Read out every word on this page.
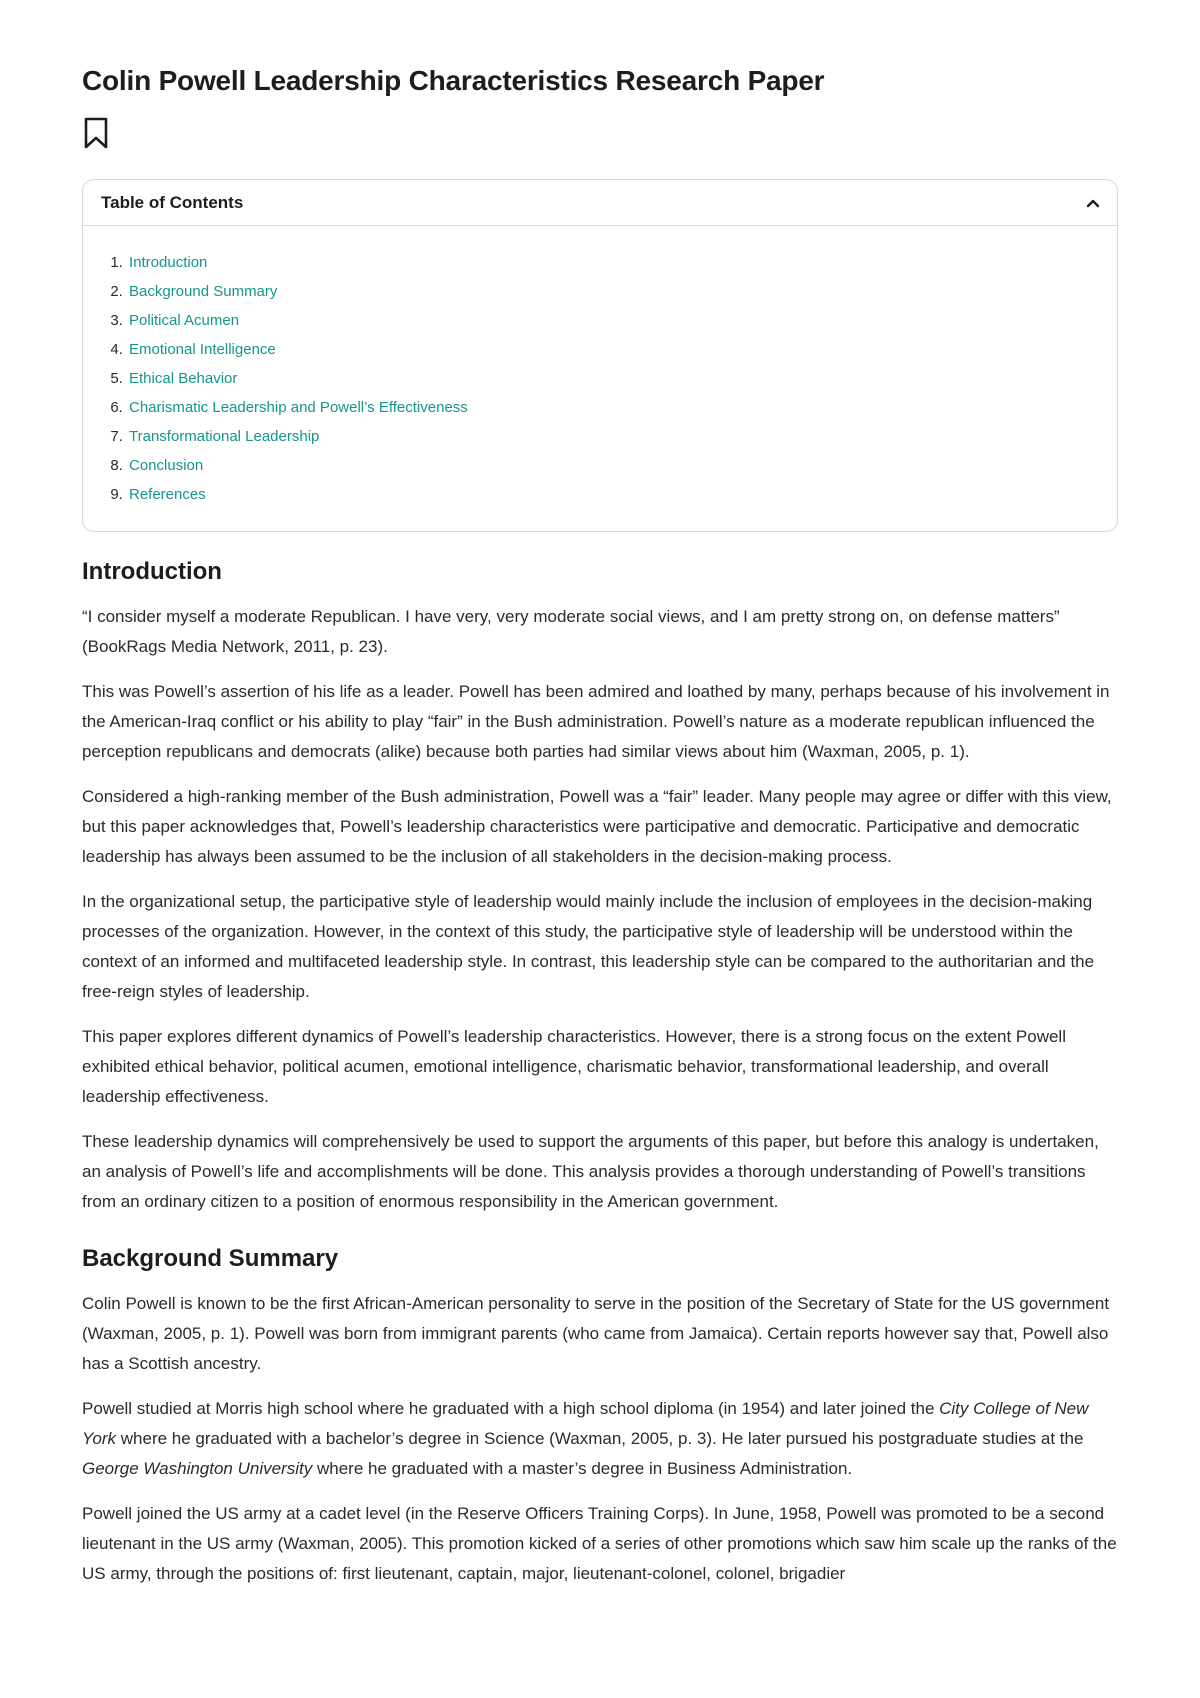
Colin Powell Leadership Characteristics Research Paper
Table of Contents
1. Introduction
2. Background Summary
3. Political Acumen
4. Emotional Intelligence
5. Ethical Behavior
6. Charismatic Leadership and Powell’s Effectiveness
7. Transformational Leadership
8. Conclusion
9. References
Introduction

“I consider myself a moderate Republican. I have very, very moderate social views, and I am pretty strong on, on defense matters” (BookRags Media Network, 2011, p. 23).

This was Powell’s assertion of his life as a leader. Powell has been admired and loathed by many, perhaps because of his involvement in the American-Iraq conflict or his ability to play “fair” in the Bush administration. Powell’s nature as a moderate republican influenced the perception republicans and democrats (alike) because both parties had similar views about him (Waxman, 2005, p. 1).

Considered a high-ranking member of the Bush administration, Powell was a “fair” leader. Many people may agree or differ with this view, but this paper acknowledges that, Powell’s leadership characteristics were participative and democratic. Participative and democratic leadership has always been assumed to be the inclusion of all stakeholders in the decision-making process.

In the organizational setup, the participative style of leadership would mainly include the inclusion of employees in the decision-making processes of the organization. However, in the context of this study, the participative style of leadership will be understood within the context of an informed and multifaceted leadership style. In contrast, this leadership style can be compared to the authoritarian and the free-reign styles of leadership.

This paper explores different dynamics of Powell’s leadership characteristics. However, there is a strong focus on the extent Powell exhibited ethical behavior, political acumen, emotional intelligence, charismatic behavior, transformational leadership, and overall leadership effectiveness.

These leadership dynamics will comprehensively be used to support the arguments of this paper, but before this analogy is undertaken, an analysis of Powell’s life and accomplishments will be done. This analysis provides a thorough understanding of Powell’s transitions from an ordinary citizen to a position of enormous responsibility in the American government.

Background Summary

Colin Powell is known to be the first African-American personality to serve in the position of the Secretary of State for the US government (Waxman, 2005, p. 1). Powell was born from immigrant parents (who came from Jamaica). Certain reports however say that, Powell also has a Scottish ancestry.

Powell studied at Morris high school where he graduated with a high school diploma (in 1954) and later joined the City College of New York where he graduated with a bachelor’s degree in Science (Waxman, 2005, p. 3). He later pursued his postgraduate studies at the George Washington University where he graduated with a master’s degree in Business Administration.

Powell joined the US army at a cadet level (in the Reserve Officers Training Corps). In June, 1958, Powell was promoted to be a second lieutenant in the US army (Waxman, 2005). This promotion kicked of a series of other promotions which saw him scale up the ranks of the US army, through the positions of: first lieutenant, captain, major, lieutenant-colonel, colonel, brigadier
